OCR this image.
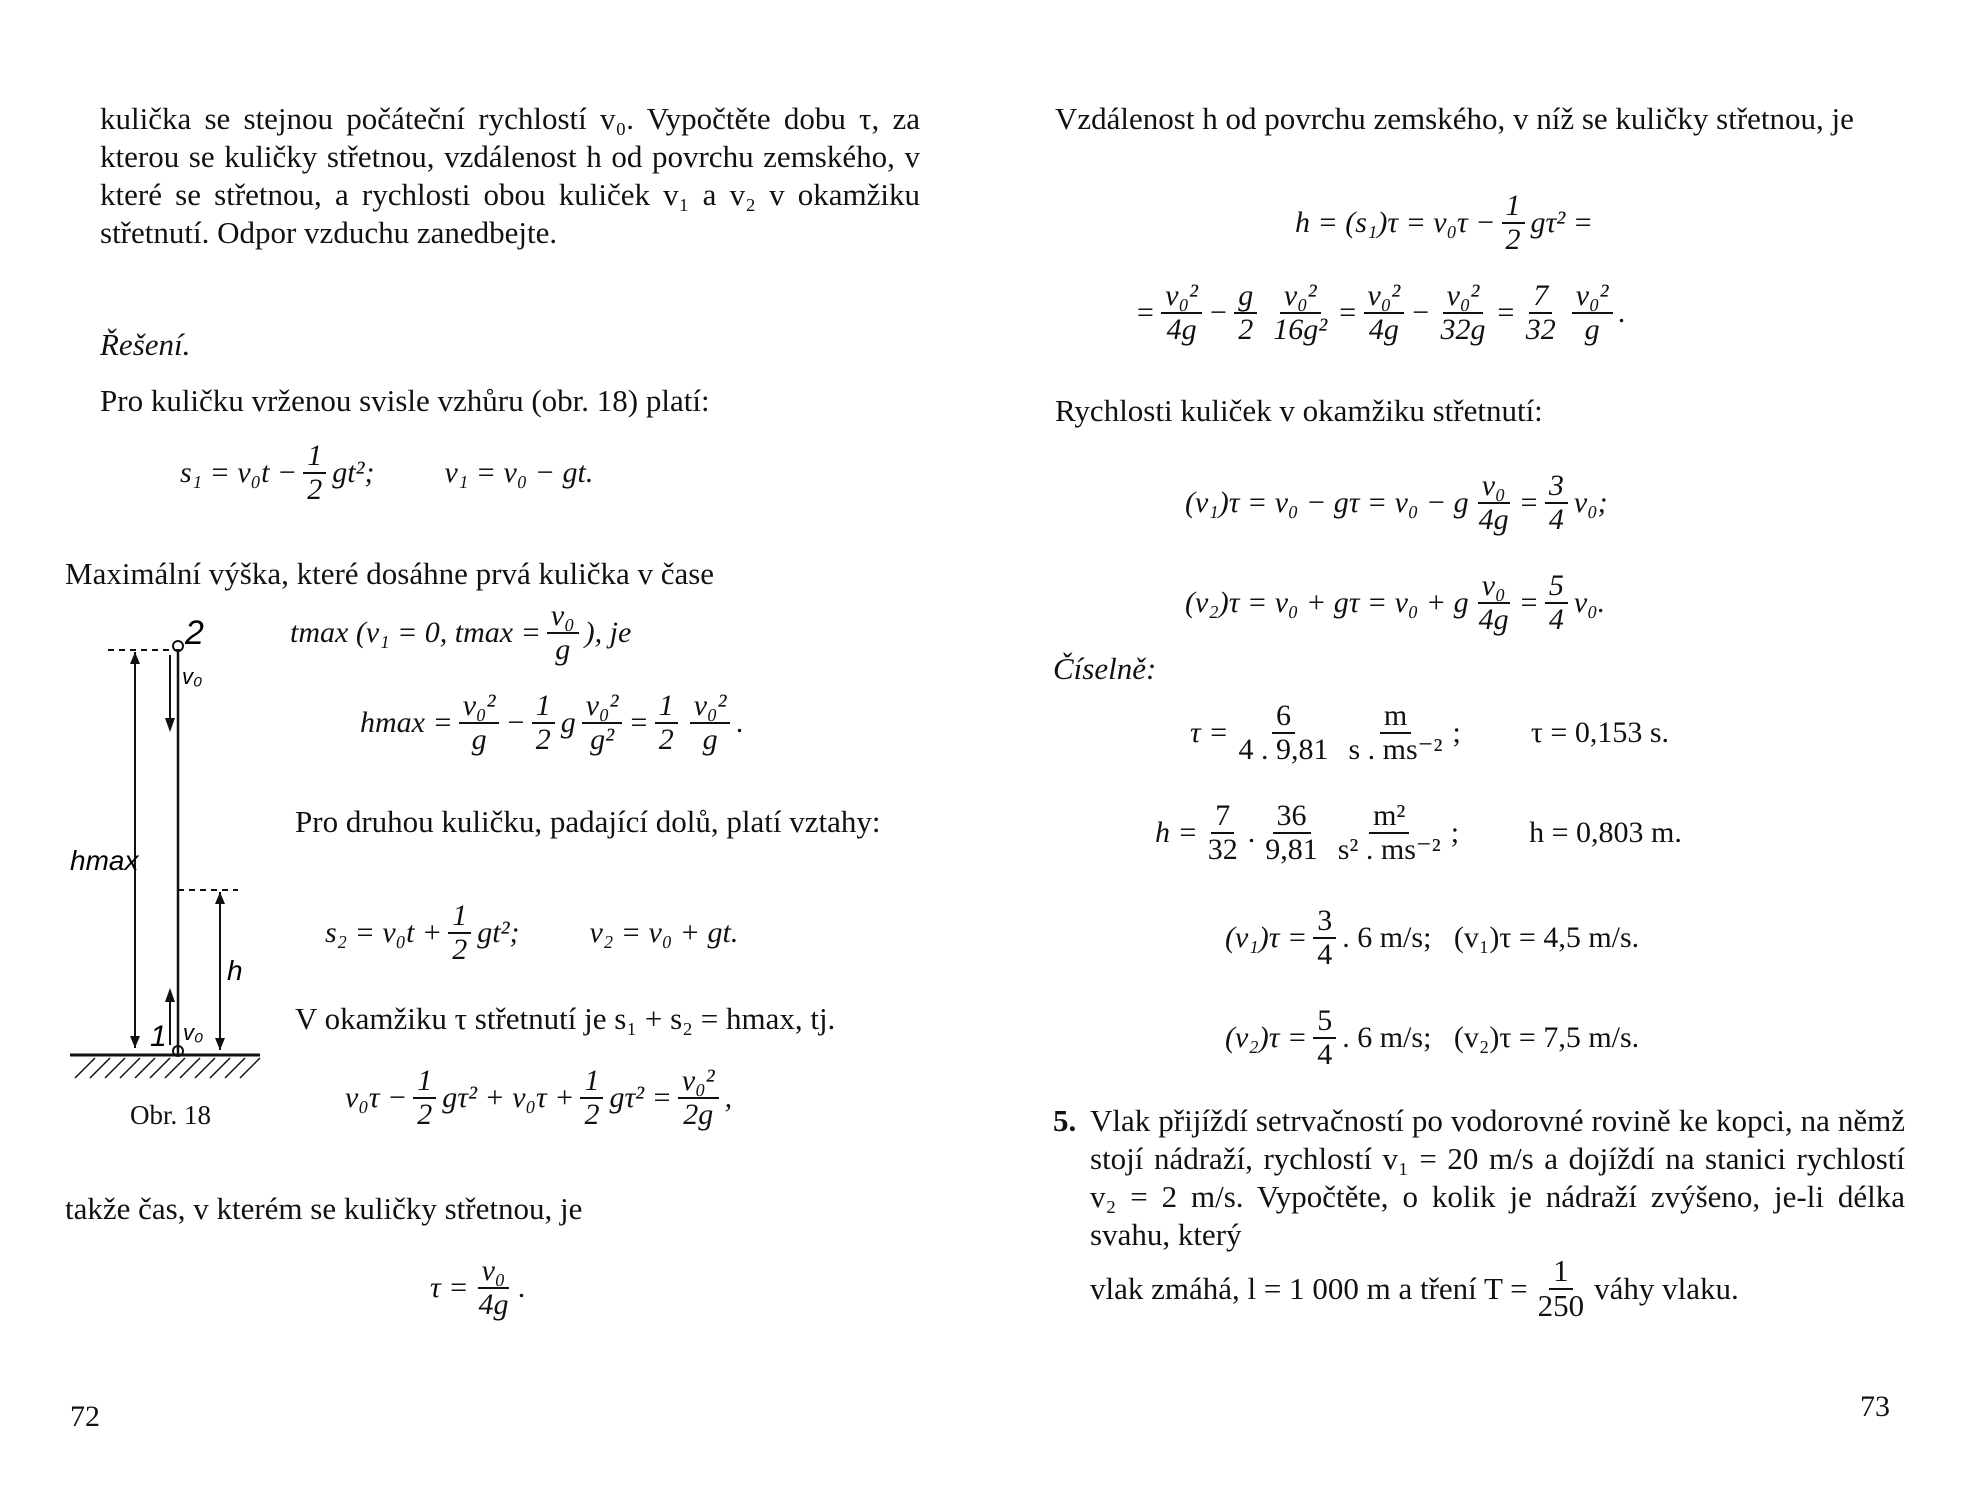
kulička se stejnou počáteční rychlostí v₀. Vypočtěte dobu τ, za kterou se kuličky střetnou, vzdálenost h od povrchu zemského, v které se střetnou, a rychlosti obou kuliček v₁ a v₂ v okamžiku střetnutí. Odpor vzduchu zanedbejte.
Řešení.
Pro kuličku vrženou svisle vzhůru (obr. 18) platí:
$s_1 = v_0t - \frac{1}{2} gt^2$; v₁ = v₀ − gt.
Maximální výška, které dosáhne prvá kulička v čase
tmax
(v₁ = 0, $tmax = \frac{\text{v₀}}{g}$ ), je
$hmax = \frac{\text{v₀²}}{g} - \frac{1}{2}$ g $\frac{\text{v₀²}}{\text{g²}} = \frac{1}{2} \frac{\text{v₀²}}{g}$ .
Pro druhou kuličku, padající dolů, platí vztahy:
$s_2 = v_0t + \frac{1}{2} gt^2$; v₂ = v₀ + gt.
V okamžiku τ střetnutí je s₁ + s₂ = hmax, tj.
$v_0\tau - \frac{1}{2} g\tau^2 + v_0\tau + \frac{1}{2} g\tau^2 = \frac{\text{v₀²}}{2g}$ ,
takže čas, v kterém se kuličky střetnou, je
$\tau = \frac{\text{v₀}}{4g}$ .
2
v₀
hmax
h
1 v₀
Obr. 18
72
Vzdálenost h od povrchu zemského, v níž se kuličky střetnou, je
$h = (s_1)\tau = v_0\tau - \frac{1}{2} g\tau^2$ =
= $\frac{\text{v₀²}}{4g} - \frac{g}{2} \frac{\text{v₀²}}{\text{16g²}} = \frac{\text{v₀²}}{4g} - \frac{\text{v₀²}}{32g} = \frac{7}{32} \frac{\text{v₀²}}{g}$ .
Rychlosti kuliček v okamžiku střetnutí:
(v₁)τ = v₀ − gτ = v₀ − g $\frac{\text{v₀}}{4g} = \frac{3}{4} v_0$;
(v₂)τ = v₀ + gτ = v₀ + g $\frac{\text{v₀}}{4g} = \frac{5}{4} v_0$.
Číselně:
$\tau = \frac{6}{4 . 9,81} \frac{m}{\text{s . ms⁻²}}$ ; τ = 0,153 s.
$h = \frac{7}{32}$ . $\frac{36}{9,81} \frac{\text{m²}}{\text{s² . ms⁻²}}$ ; h = 0,803 m.
$(v_1)\tau = \frac{3}{4}$ . 6 m/s;
(v₁)τ = 4,5 m/s.
$(v_2)\tau = \frac{5}{4}$ . 6 m/s;
(v₂)τ = 7,5 m/s.
5. Vlak přijíždí setrvačností po vodorovné rovině ke kopci, na němž stojí nádraží, rychlostí v₁ = 20 m/s a dojíždí na stanici rychlostí v₂ = 2 m/s. Vypočtěte, o kolik je nádraží zvýšeno, je-li délka svahu, který
vlak zmáhá, l = 1 000 m a tření $T = \frac{1}{250}$ váhy vlaku.
73
